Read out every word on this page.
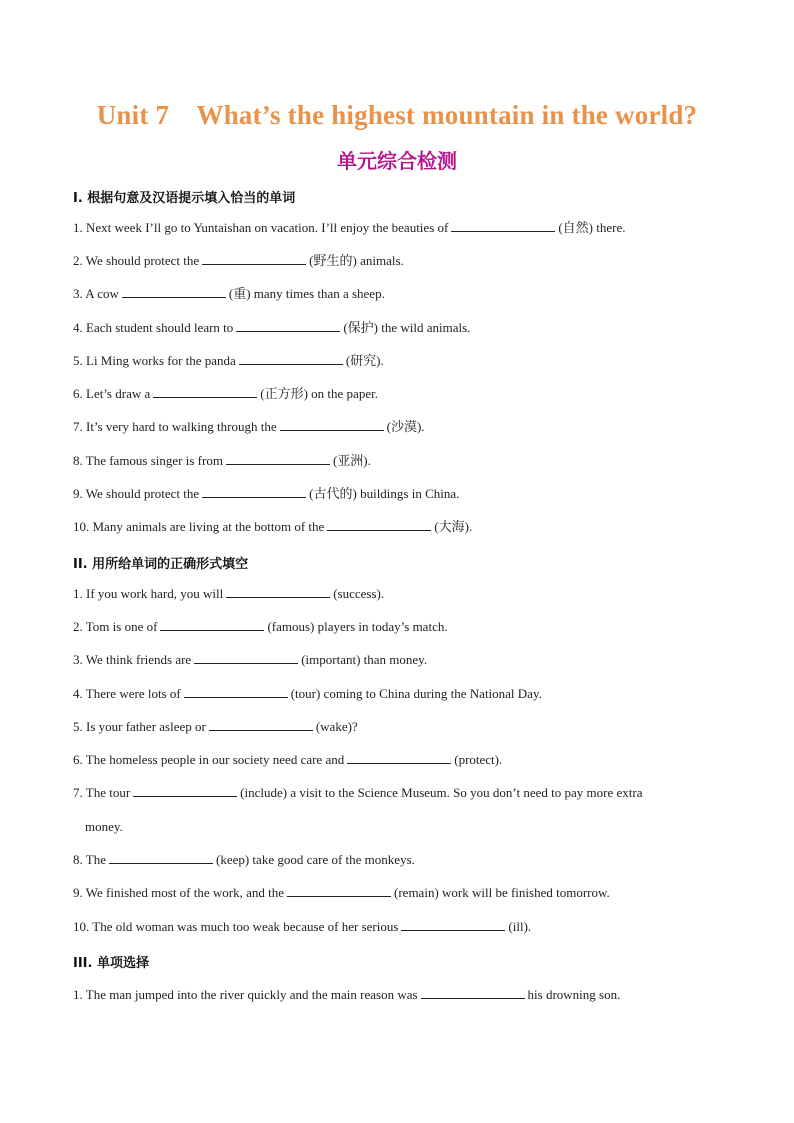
Unit 7    What’s the highest mountain in the world?
单元综合检测
I. 根据句意及汉语提示填入恰当的单词
1. Next week I’ll go to Yuntaishan on vacation. I’ll enjoy the beauties of	(自然) there.
2. We should protect the	(野生的) animals.
3. A cow	(重) many times than a sheep.
4. Each student should learn to	(保护) the wild animals.
5. Li Ming works for the panda	(研究).
6. Let’s draw a	(正方形) on the paper.
7. It’s very hard to walking through the	(沙漠).
8. The famous singer is from	(亚洲).
9. We should protect the	(古代的) buildings in China.
10. Many animals are living at the bottom of the	(大海).
II. 用所给单词的正确形式填空
1. If you work hard, you will	(success).
2. Tom is one of	(famous) players in today’s match.
3. We think friends are	(important) than money.
4. There were lots of	(tour) coming to China during the National Day.
5. Is your father asleep or	(wake)?
6. The homeless people in our society need care and	(protect).
7. The tour	(include) a visit to the Science Museum. So you don’t need to pay more extra
money.
8. The	(keep) take good care of the monkeys.
9. We finished most of the work, and the	(remain) work will be finished tomorrow.
10. The old woman was much too weak because of her serious	(ill).
III. 单项选择
1. The man jumped into the river quickly and the main reason was	his drowning son.
